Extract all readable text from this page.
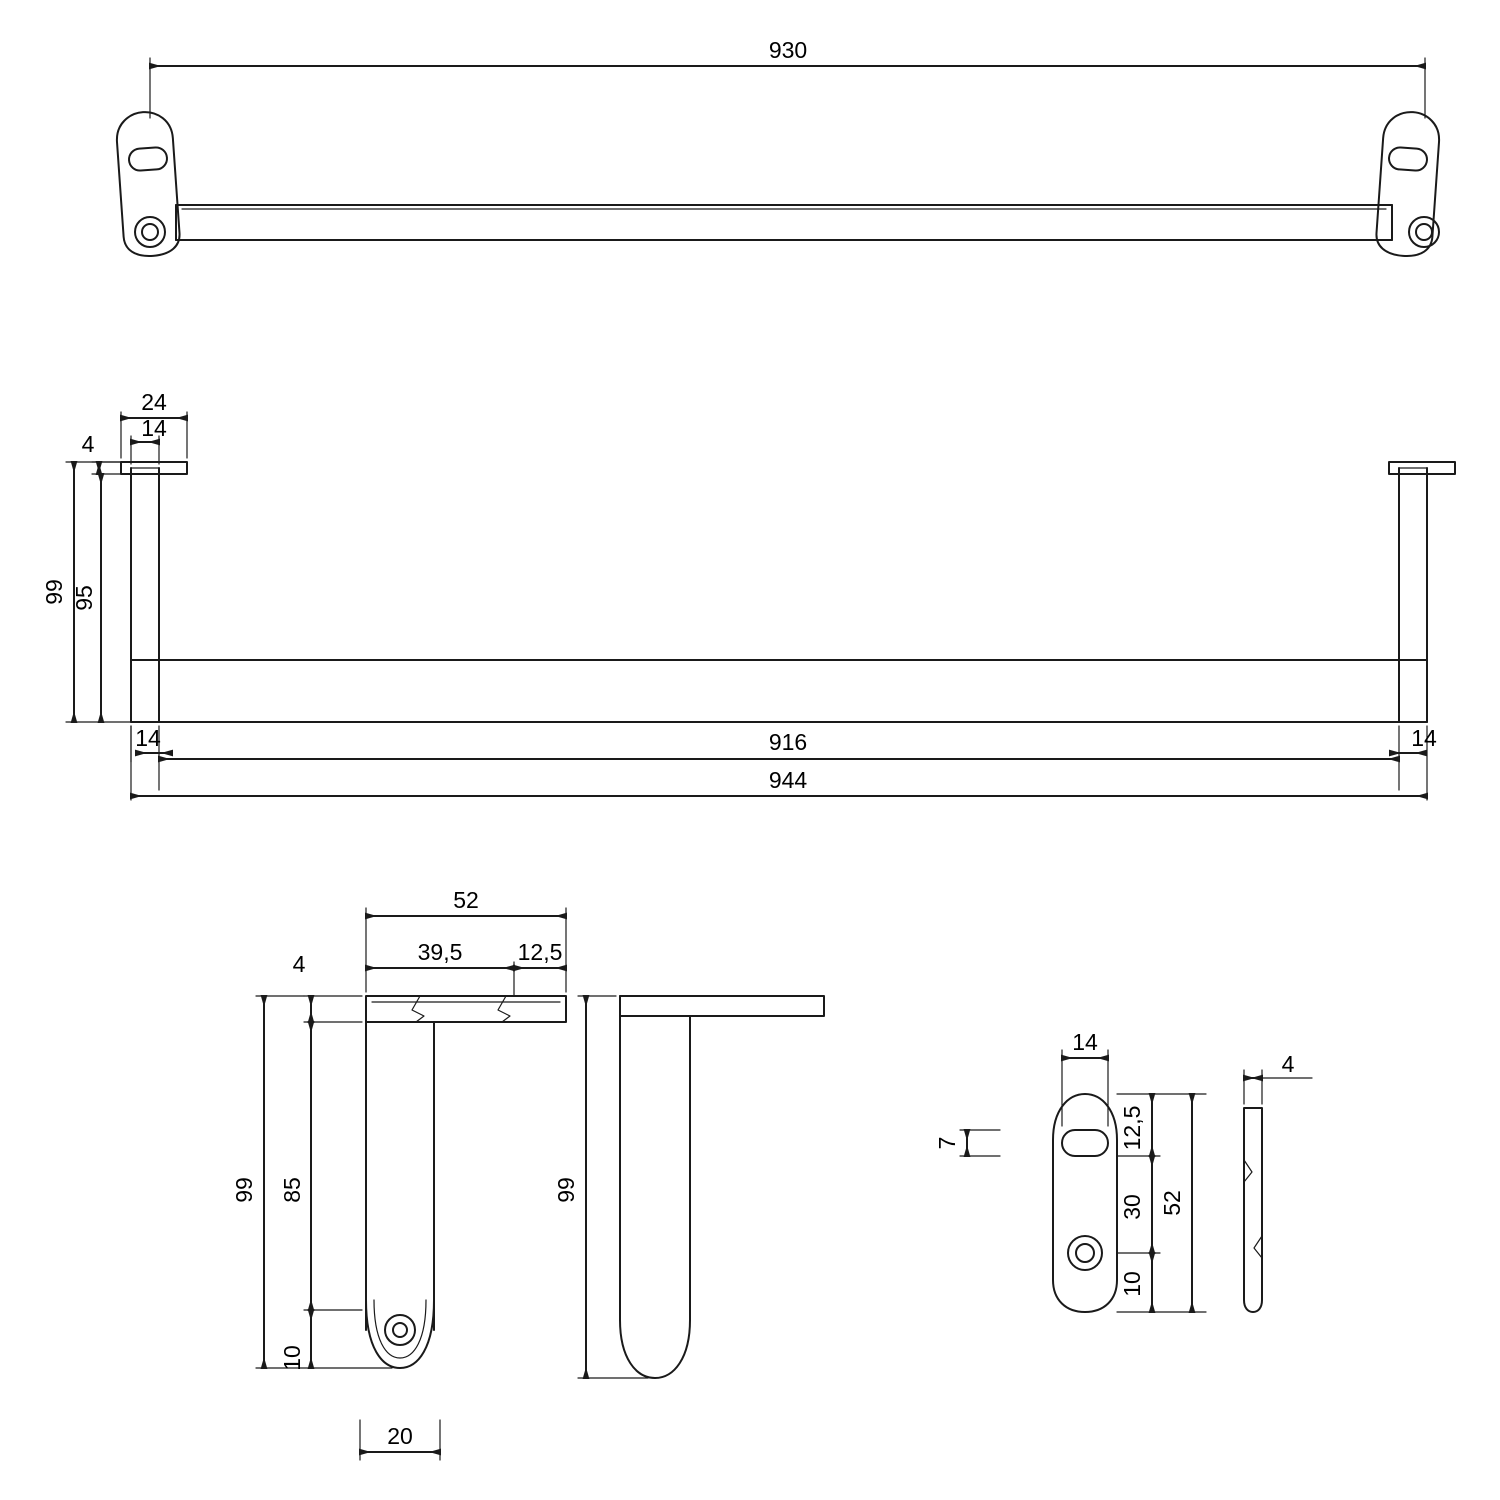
930
24
14
4
99 95
14	916	14
944
52
39,5 12,5
4
99 85
10
20
99
14
7	12,5
30
10
52
4
